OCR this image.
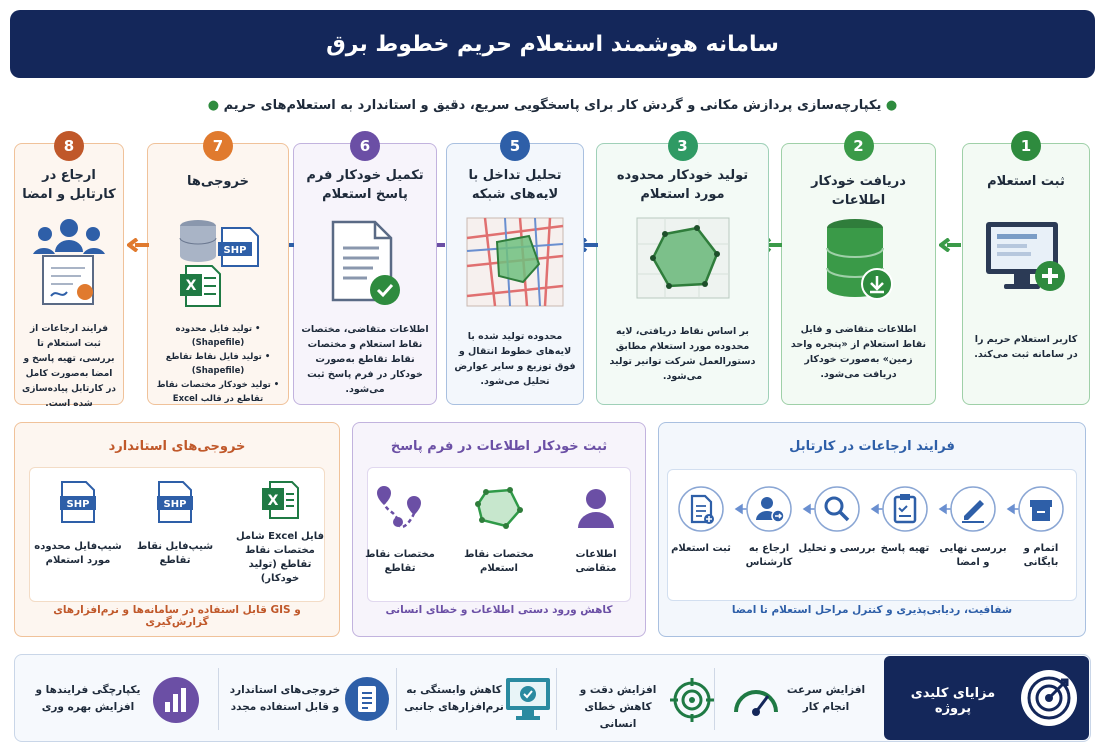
سامانه هوشمند استعلام حریم خطوط برق
● یکپارچه‌سازی پردازش مکانی و گردش کار برای پاسخگویی سریع، دقیق و استاندارد به استعلام‌های حریم ●
1
ثبت استعلام
کاربر استعلام حریم را در سامانه ثبت می‌کند.
2
دریافت خودکار اطلاعات
اطلاعات متقاضی و فایل نقاط استعلام از «پنجره واحد زمین» به‌صورت خودکار دریافت می‌شود.
3
تولید خودکار محدوده مورد استعلام
بر اساس نقاط دریافتی، لایه محدوده مورد استعلام مطابق دستورالعمل شرکت توانیر تولید می‌شود.
5
تحلیل تداخل با لایه‌های شبکه
محدوده تولید شده با لایه‌های خطوط انتقال و فوق توزیع و سایر عوارض تحلیل می‌شود.
6
تکمیل خودکار فرم پاسخ استعلام
اطلاعات متقاضی، مختصات نقاط استعلام و مختصات نقاط تقاطع به‌صورت خودکار در فرم پاسخ ثبت می‌شود.
7
خروجی‌ها
SHP
X
• تولید فایل محدوده (Shapefile)
• تولید فایل نقاط تقاطع (Shapefile)
• تولید خودکار مختصات نقاط تقاطع در قالب Excel
8
ارجاع در کارتابل و امضا
فرایند ارجاعات از ثبت استعلام تا بررسی، تهیه پاسخ و امضا به‌صورت کامل در کارتابل پیاده‌سازی شده است.
خروجی‌های استاندارد
X
فایل Excel شامل مختصات نقاط تقاطع (تولید خودکار)
SHP
شیپ‌فایل نقاط تقاطع
SHP
شیپ‌فایل محدوده مورد استعلام
قابل استفاده در سامانه‌ها و نرم‌افزارهای GIS و گزارش‌گیری
ثبت خودکار اطلاعات در فرم پاسخ
اطلاعات متقاضی
مختصات نقاط استعلام
مختصات نقاط تقاطع
کاهش ورود دستی اطلاعات و خطای انسانی
فرایند ارجاعات در کارتابل
اتمام و بایگانی
بررسی نهایی و امضا
تهیه پاسخ
بررسی و تحلیل
ارجاع به کارشناس
ثبت استعلام
شفافیت، ردیابی‌پذیری و کنترل مراحل استعلام تا امضا
مزایای کلیدی پروژه
افزایش سرعت انجام کار
افزایش دقت و کاهش خطای انسانی
کاهش وابستگی به نرم‌افزارهای جانبی
خروجی‌های استاندارد و قابل استفاده مجدد
یکپارچگی فرایندها و افزایش بهره وری
